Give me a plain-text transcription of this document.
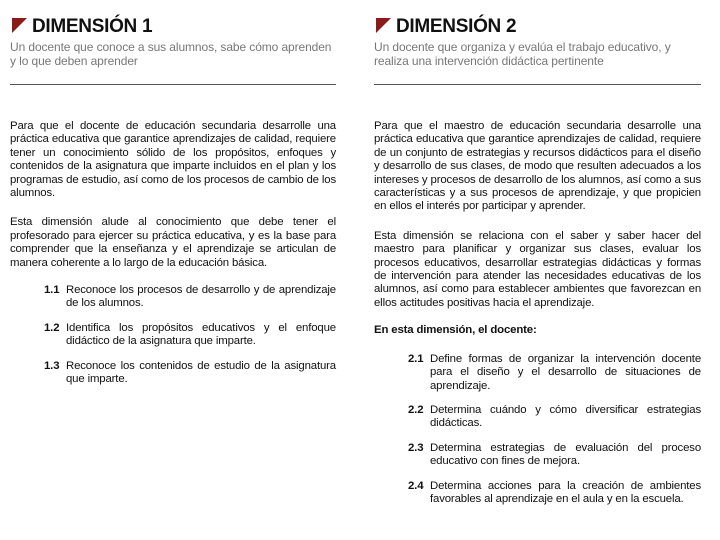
DIMENSIÓN 1
Un docente que conoce a sus alumnos, sabe cómo aprenden y lo que deben aprender

Para que el docente de educación secundaria desarrolle una práctica educativa que garantice aprendizajes de calidad, requiere tener un conocimiento sólido de los propósitos, enfoques y contenidos de la asignatura que imparte incluidos en el plan y los programas de estudio, así como de los procesos de cambio de los alumnos.

Esta dimensión alude al conocimiento que debe tener el profesorado para ejercer su práctica educativa, y es la base para comprender que la enseñanza y el aprendizaje se articulan de manera coherente a lo largo de la educación básica.

1.1 Reconoce los procesos de desarrollo y de aprendizaje de los alumnos.
1.2 Identifica los propósitos educativos y el enfoque didáctico de la asignatura que imparte.
1.3 Reconoce los contenidos de estudio de la asignatura que imparte.
DIMENSIÓN 2
Un docente que organiza y evalúa el trabajo educativo, y realiza una intervención didáctica pertinente

Para que el maestro de educación secundaria desarrolle una práctica educativa que garantice aprendizajes de calidad, requiere de un conjunto de estrategias y recursos didácticos para el diseño y desarrollo de sus clases, de modo que resulten adecuados a los intereses y procesos de desarrollo de los alumnos, así como a sus características y a sus procesos de aprendizaje, y que propicien en ellos el interés por participar y aprender.

Esta dimensión se relaciona con el saber y saber hacer del maestro para planificar y organizar sus clases, evaluar los procesos educativos, desarrollar estrategias didácticas y formas de intervención para atender las necesidades educativas de los alumnos, así como para establecer ambientes que favorezcan en ellos actitudes positivas hacia el aprendizaje.

En esta dimensión, el docente:

2.1 Define formas de organizar la intervención docente para el diseño y el desarrollo de situaciones de aprendizaje.
2.2 Determina cuándo y cómo diversificar estrategias didácticas.
2.3 Determina estrategias de evaluación del proceso educativo con fines de mejora.
2.4 Determina acciones para la creación de ambientes favorables al aprendizaje en el aula y en la escuela.
